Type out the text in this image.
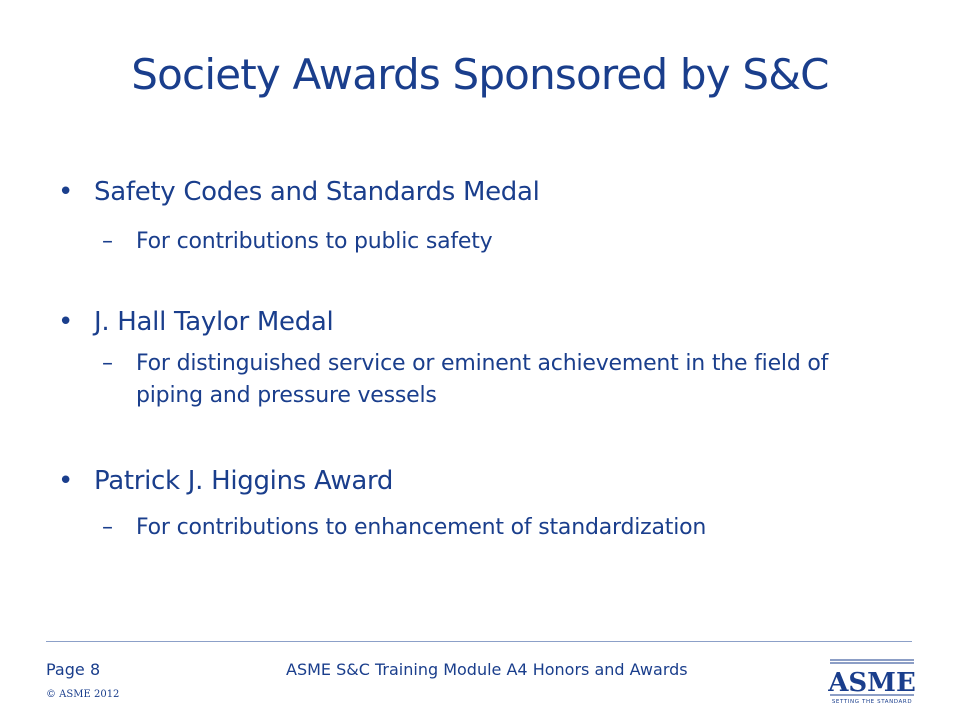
Society Awards Sponsored by S&C
• Safety Codes and Standards Medal
– For contributions to public safety
• J. Hall Taylor Medal
– For distinguished service or eminent achievement in the field of piping and pressure vessels
• Patrick J. Higgins Award
– For contributions to enhancement of standardization
Page 8	ASME S&C Training Module A4 Honors and Awards
© ASME 2012	ASME
SETTING THE STANDARD
